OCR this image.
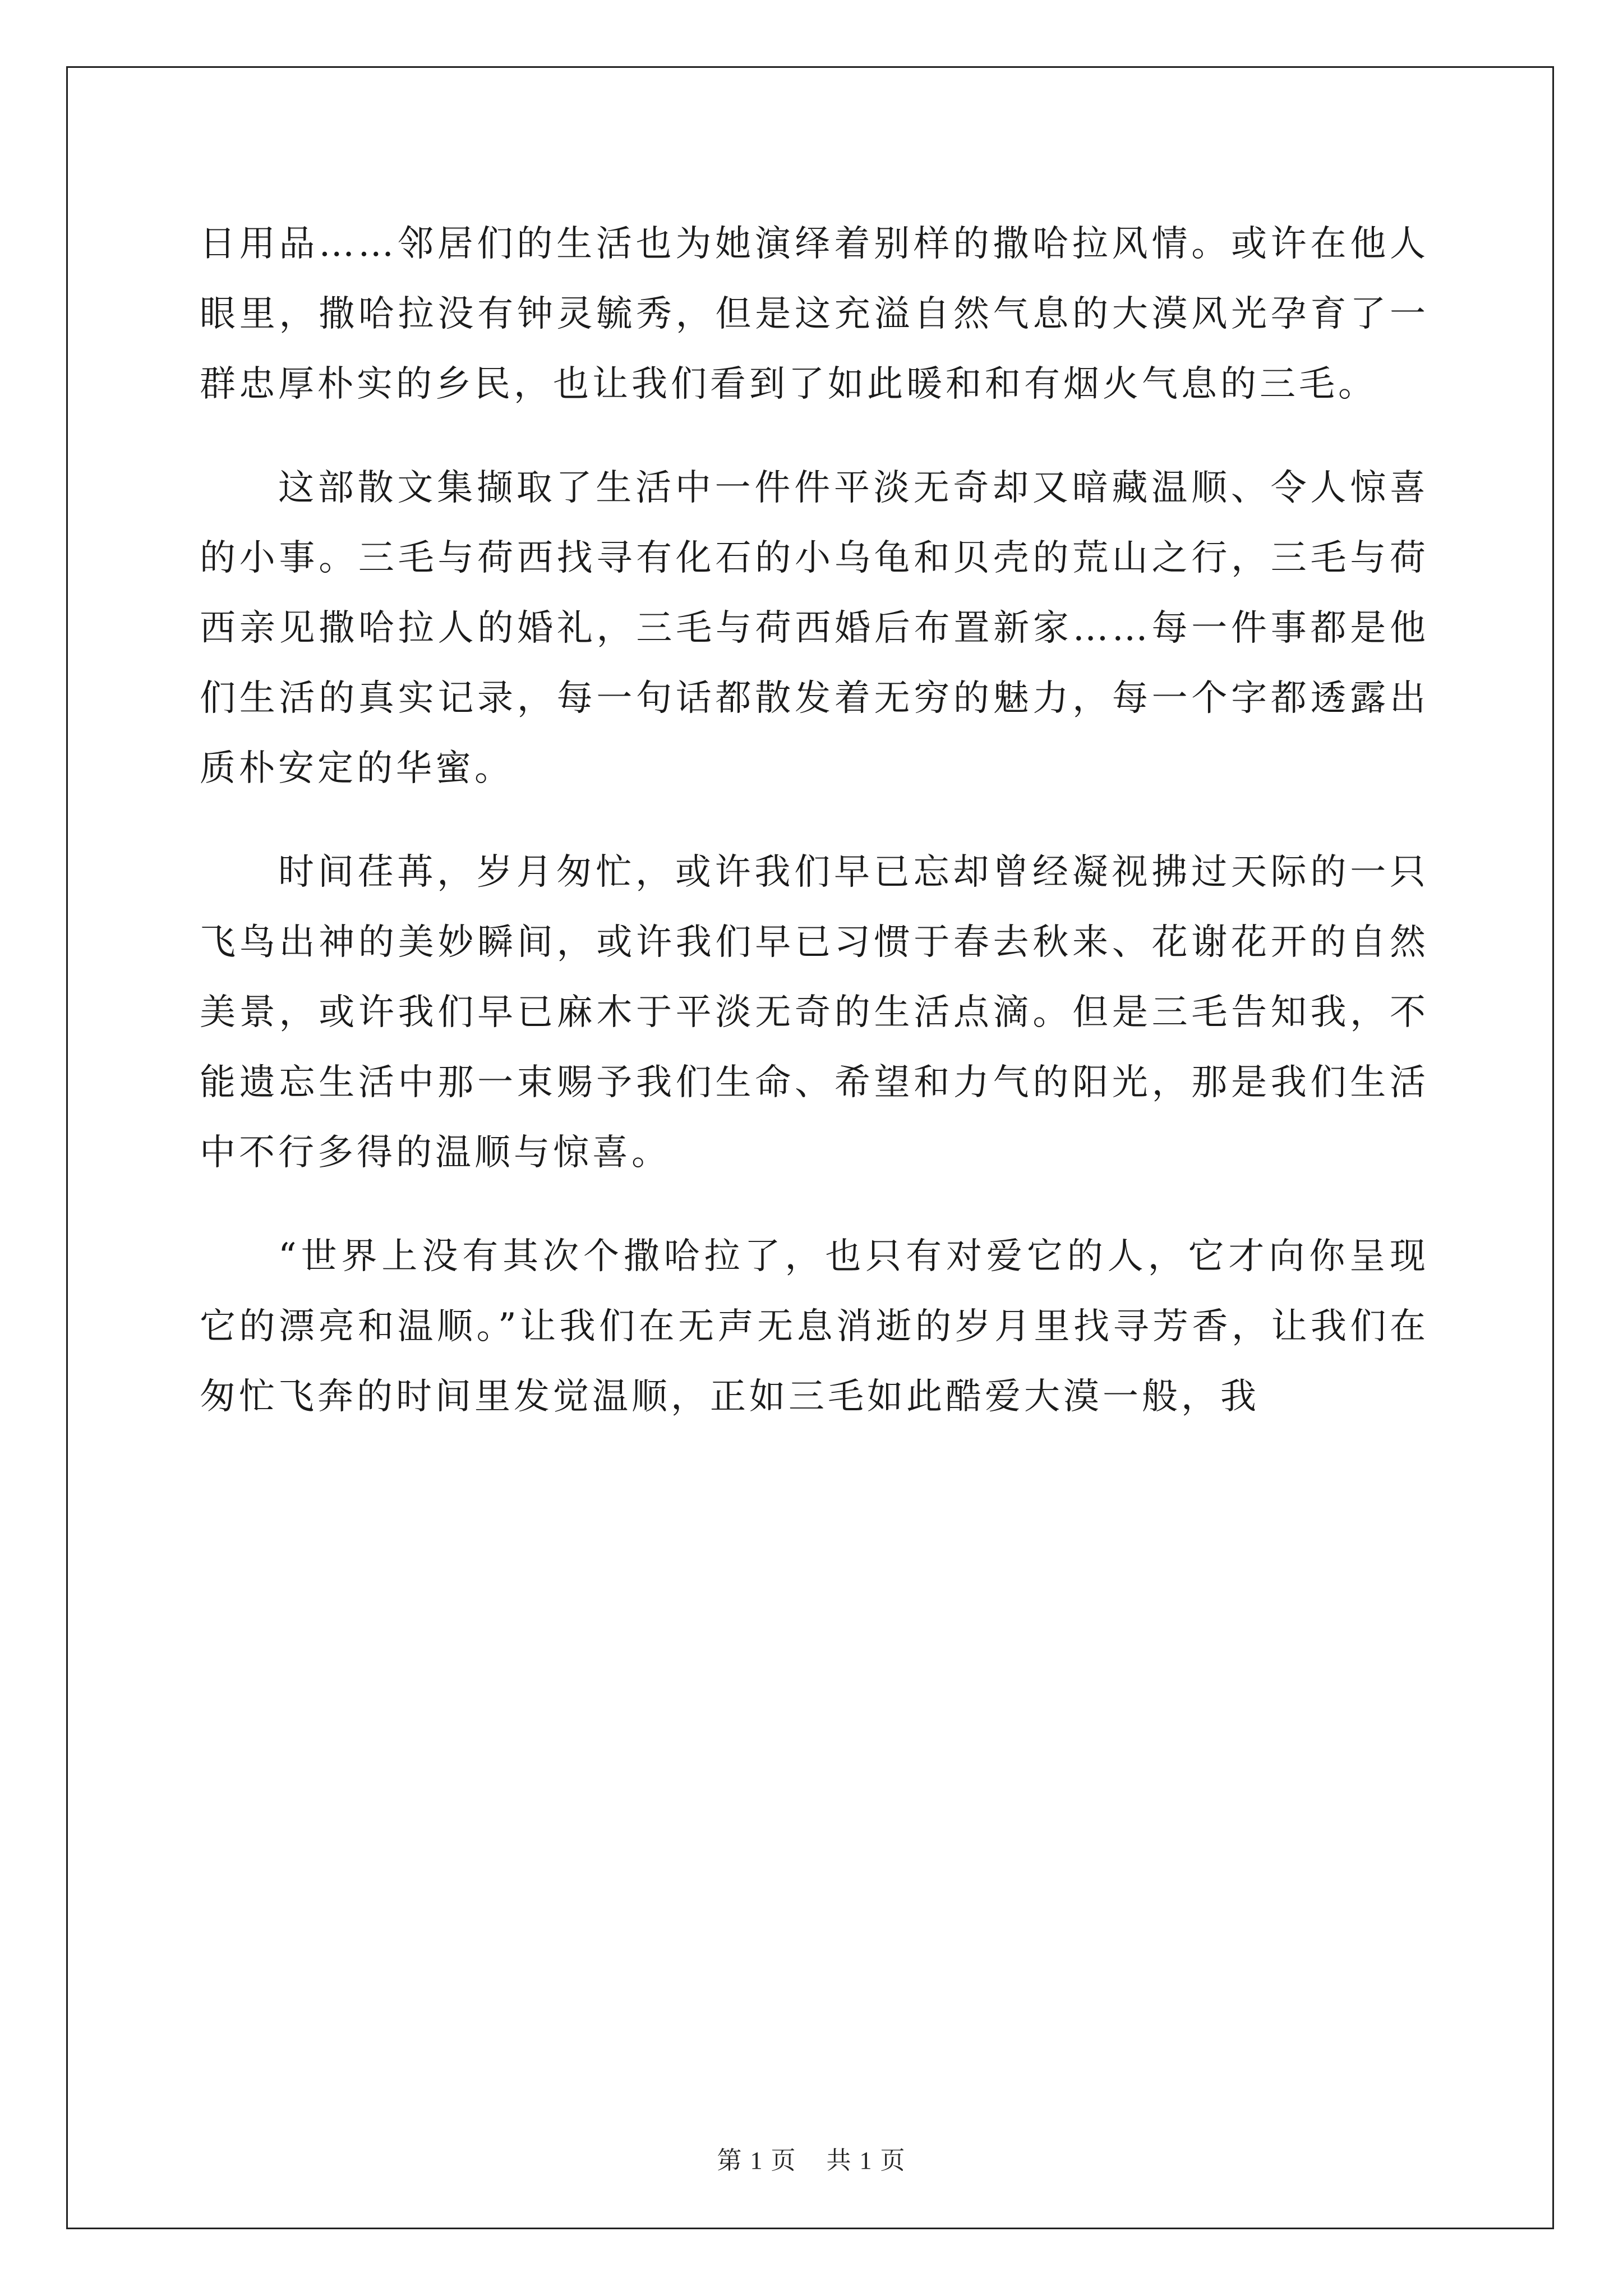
日用品……邻居们的生活也为她演绎着别样的撒哈拉风情。或许在他人眼里，撒哈拉没有钟灵毓秀，但是这充溢自然气息的大漠风光孕育了一群忠厚朴实的乡民，也让我们看到了如此暖和和有烟火气息的三毛。

这部散文集撷取了生活中一件件平淡无奇却又暗藏温顺、令人惊喜的小事。三毛与荷西找寻有化石的小乌龟和贝壳的荒山之行，三毛与荷西亲见撒哈拉人的婚礼，三毛与荷西婚后布置新家……每一件事都是他们生活的真实记录，每一句话都散发着无穷的魅力，每一个字都透露出质朴安定的华蜜。

时间荏苒，岁月匆忙，或许我们早已忘却曾经凝视拂过天际的一只飞鸟出神的美妙瞬间，或许我们早已习惯于春去秋来、花谢花开的自然美景，或许我们早已麻木于平淡无奇的生活点滴。但是三毛告知我，不能遗忘生活中那一束赐予我们生命、希望和力气的阳光，那是我们生活中不行多得的温顺与惊喜。

“世界上没有其次个撒哈拉了，也只有对爱它的人，它才向你呈现它的漂亮和温顺。”让我们在无声无息消逝的岁月里找寻芳香，让我们在匆忙飞奔的时间里发觉温顺，正如三毛如此酷爱大漠一般，我

第 1 页 共 1 页
